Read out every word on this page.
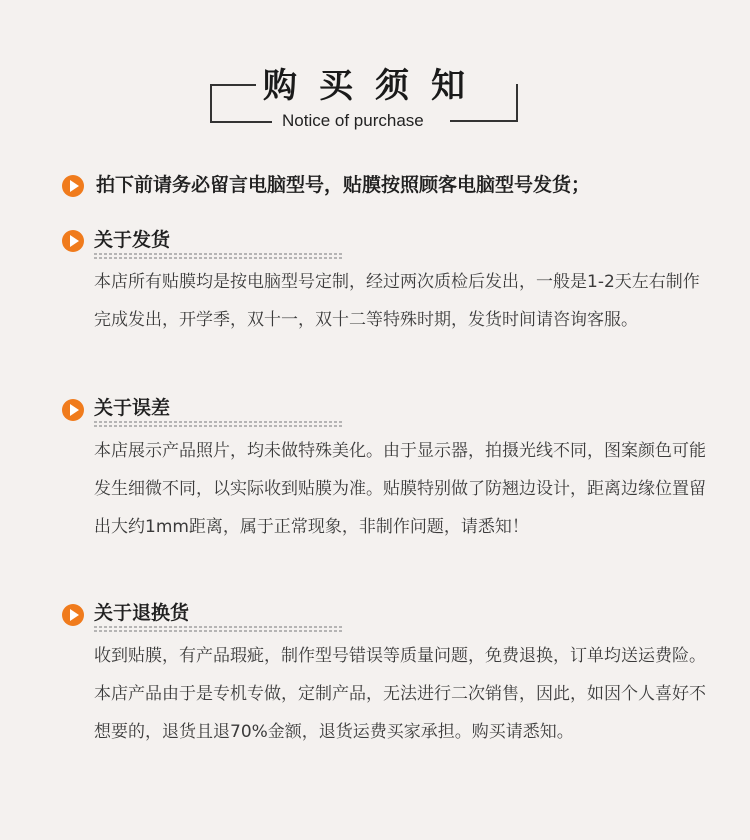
购买须知
Notice of purchase
拍下前请务必留言电脑型号，贴膜按照顾客电脑型号发货；
关于发货
本店所有贴膜均是按电脑型号定制，经过两次质检后发出，一般是1-2天左右制作完成发出，开学季，双十一，双十二等特殊时期，发货时间请咨询客服。
关于误差
本店展示产品照片，均未做特殊美化。由于显示器，拍摄光线不同，图案颜色可能发生细微不同，以实际收到贴膜为准。贴膜特别做了防翘边设计，距离边缘位置留出大约1mm距离，属于正常现象，非制作问题，请悉知！
关于退换货
收到贴膜，有产品瑕疵，制作型号错误等质量问题，免费退换，订单均送运费险。本店产品由于是专机专做，定制产品，无法进行二次销售，因此，如因个人喜好不想要的，退货且退70%金额，退货运费买家承担。购买请悉知。
